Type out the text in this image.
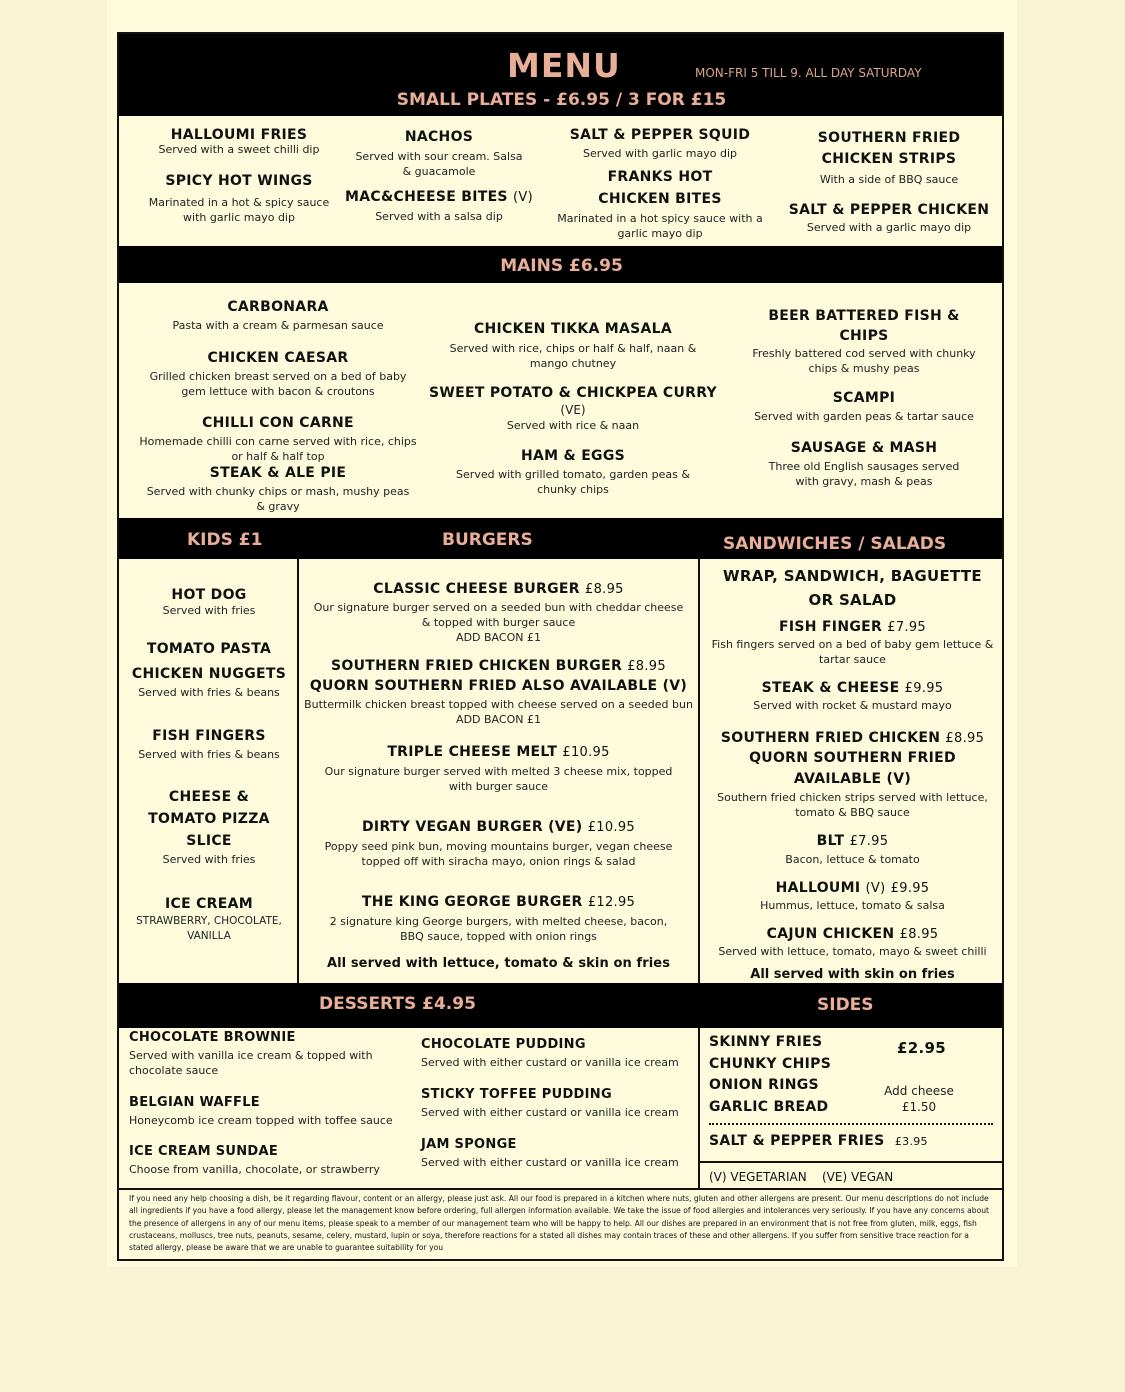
MENU	MON-FRI 5 TILL 9. ALL DAY SATURDAY
SMALL PLATES - £6.95 / 3 FOR £15
HALLOUMI FRIES
Served with a sweet chilli dip
SPICY HOT WINGS
Marinated in a hot & spicy sauce with garlic mayo dip
NACHOS
Served with sour cream. Salsa & guacamole
MAC&CHEESE BITES (V)
Served with a salsa dip
SALT & PEPPER SQUID
Served with garlic mayo dip
FRANKS HOT CHICKEN BITES
Marinated in a hot spicy sauce with a garlic mayo dip
SOUTHERN FRIED CHICKEN STRIPS
With a side of BBQ sauce
SALT & PEPPER CHICKEN
Served with a garlic mayo dip
MAINS £6.95
CARBONARA
Pasta with a cream & parmesan sauce
CHICKEN CAESAR
Grilled chicken breast served on a bed of baby gem lettuce with bacon & croutons
CHILLI CON CARNE
Homemade chilli con carne served with rice, chips or half & half top
STEAK & ALE PIE
Served with chunky chips or mash, mushy peas & gravy
CHICKEN TIKKA MASALA
Served with rice, chips or half & half, naan & mango chutney
SWEET POTATO & CHICKPEA CURRY
(VE)
Served with rice & naan
HAM & EGGS
Served with grilled tomato, garden peas & chunky chips
BEER BATTERED FISH & CHIPS
Freshly battered cod served with chunky chips & mushy peas
SCAMPI
Served with garden peas & tartar sauce
SAUSAGE & MASH
Three old English sausages served with gravy, mash & peas
KIDS £1	BURGERS	SANDWICHES / SALADS
HOT DOG
Served with fries
TOMATO PASTA
CHICKEN NUGGETS
Served with fries & beans
FISH FINGERS
Served with fries & beans
CHEESE & TOMATO PIZZA SLICE
Served with fries
ICE CREAM
STRAWBERRY, CHOCOLATE, VANILLA
CLASSIC CHEESE BURGER £8.95
Our signature burger served on a seeded bun with cheddar cheese & topped with burger sauce
ADD BACON £1
SOUTHERN FRIED CHICKEN BURGER £8.95
QUORN SOUTHERN FRIED ALSO AVAILABLE (V)
Buttermilk chicken breast topped with cheese served on a seeded bun
ADD BACON £1
TRIPLE CHEESE MELT £10.95
Our signature burger served with melted 3 cheese mix, topped with burger sauce
DIRTY VEGAN BURGER (VE) £10.95
Poppy seed pink bun, moving mountains burger, vegan cheese topped off with siracha mayo, onion rings & salad
THE KING GEORGE BURGER £12.95
2 signature king George burgers, with melted cheese, bacon, BBQ sauce, topped with onion rings
All served with lettuce, tomato & skin on fries
WRAP, SANDWICH, BAGUETTE OR SALAD
FISH FINGER £7.95
Fish fingers served on a bed of baby gem lettuce & tartar sauce
STEAK & CHEESE £9.95
Served with rocket & mustard mayo
SOUTHERN FRIED CHICKEN £8.95
QUORN SOUTHERN FRIED AVAILABLE (V)
Southern fried chicken strips served with lettuce, tomato & BBQ sauce
BLT £7.95
Bacon, lettuce & tomato
HALLOUMI (V) £9.95
Hummus, lettuce, tomato & salsa
CAJUN CHICKEN £8.95
Served with lettuce, tomato, mayo & sweet chilli
All served with skin on fries
DESSERTS £4.95	SIDES
CHOCOLATE BROWNIE
Served with vanilla ice cream & topped with chocolate sauce
BELGIAN WAFFLE
Honeycomb ice cream topped with toffee sauce
ICE CREAM SUNDAE
Choose from vanilla, chocolate, or strawberry
CHOCOLATE PUDDING
Served with either custard or vanilla ice cream
STICKY TOFFEE PUDDING
Served with either custard or vanilla ice cream
JAM SPONGE
Served with either custard or vanilla ice cream
SKINNY FRIES
CHUNKY CHIPS
ONION RINGS
GARLIC BREAD
£2.95
Add cheese
£1.50
SALT & PEPPER FRIES £3.95
(V) VEGETARIAN (VE) VEGAN
If you need any help choosing a dish, be it regarding flavour, content or an allergy, please just ask. All our food is prepared in a kitchen where nuts, gluten and other allergens are present. Our menu descriptions do not include all ingredients if you have a food allergy, please let the management know before ordering, full allergen information available. We take the issue of food allergies and intolerances very seriously. If you have any concerns about the presence of allergens in any of our menu items, please speak to a member of our management team who will be happy to help. All our dishes are prepared in an environment that is not free from gluten, milk, eggs, fish crustaceans, molluscs, tree nuts, peanuts, sesame, celery, mustard, lupin or soya, therefore reactions for a stated all dishes may contain traces of these and other allergens. If you suffer from sensitive trace reaction for a stated allergy, please be aware that we are unable to guarantee suitability for you
